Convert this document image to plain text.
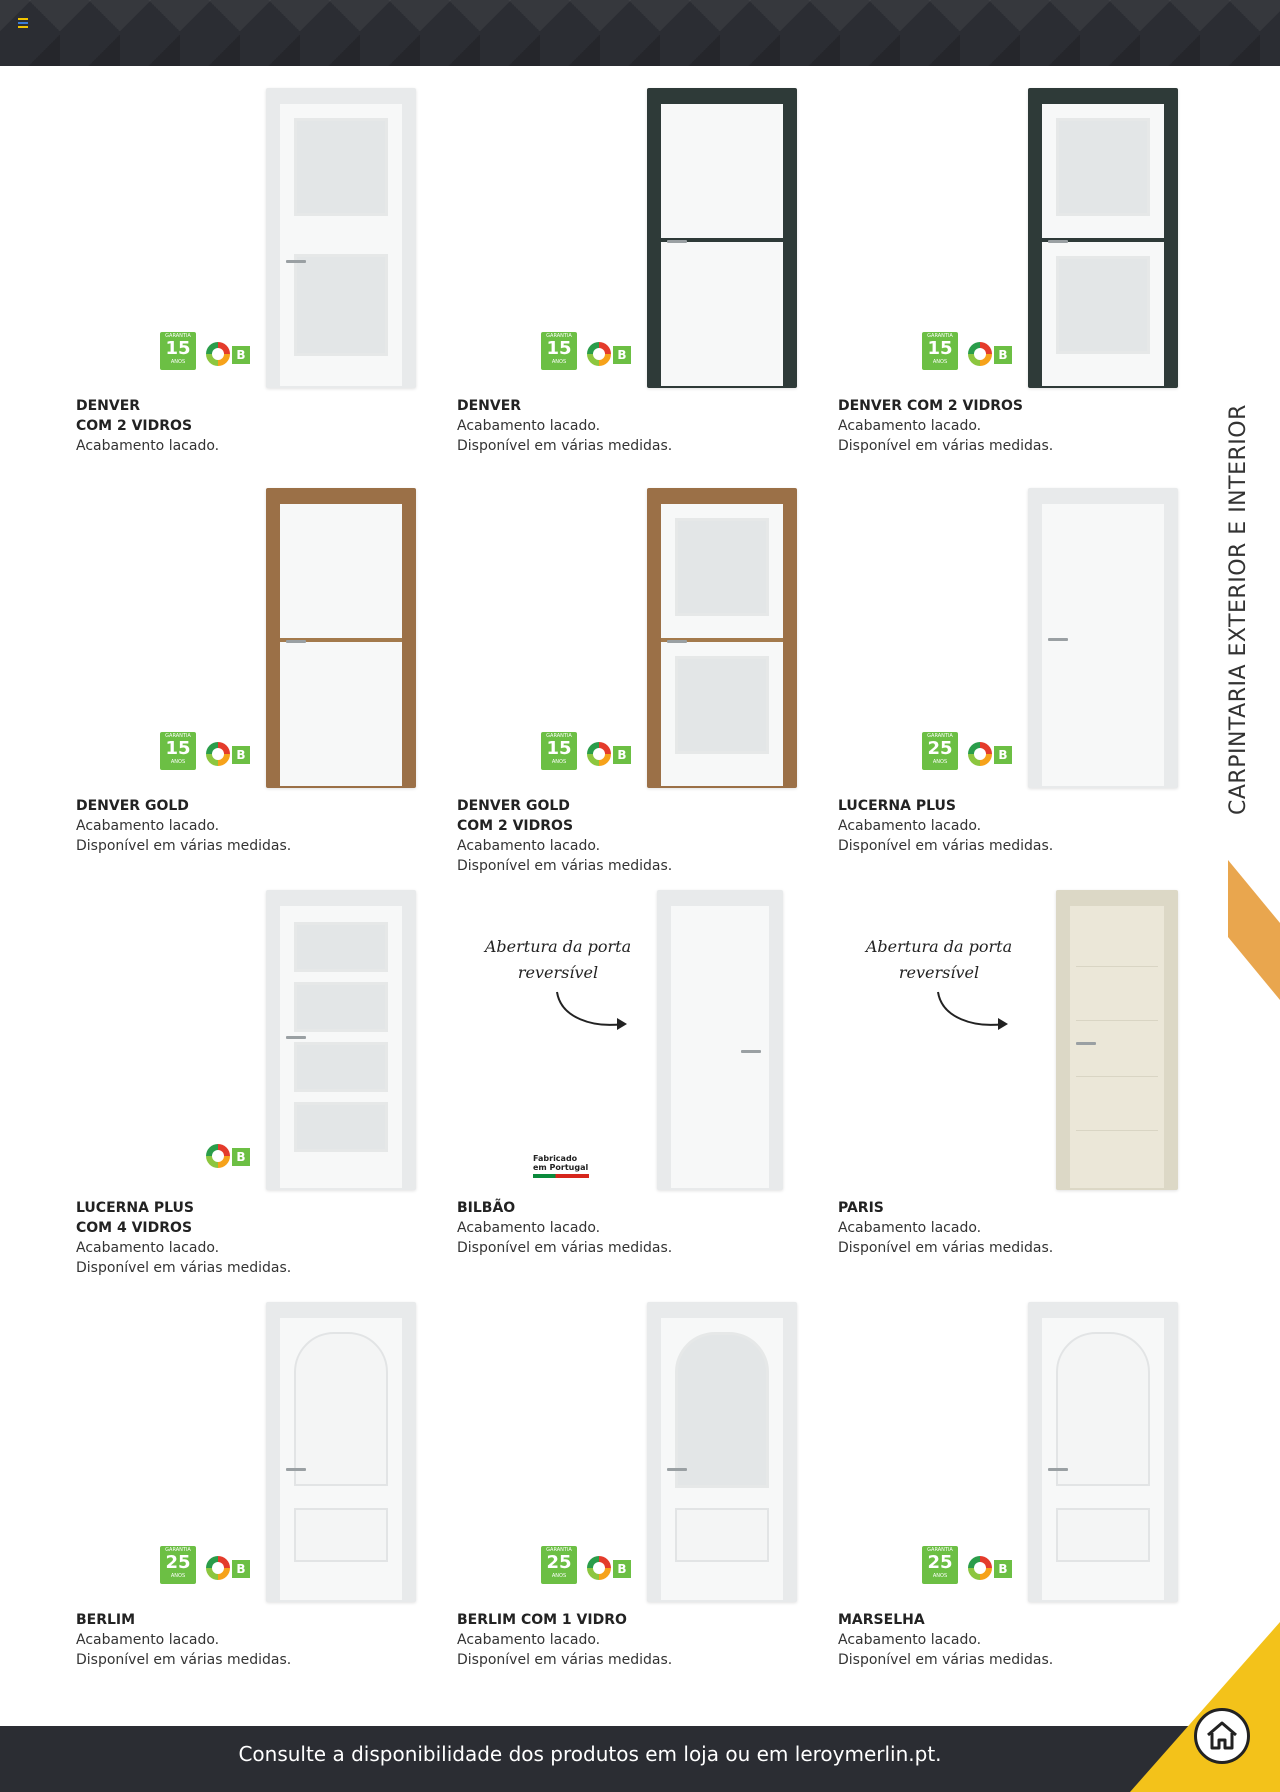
CARPINTARIA EXTERIOR E INTERIOR
GARANTIA
15
ANOS	B
DENVER
COM 2 VIDROS
Acabamento lacado.
GARANTIA
15
ANOS	B
DENVER
Acabamento lacado.
Disponível em várias medidas.
GARANTIA
15
ANOS	B
DENVER COM 2 VIDROS
Acabamento lacado.
Disponível em várias medidas.
GARANTIA
15
ANOS	B
DENVER GOLD
Acabamento lacado.
Disponível em várias medidas.
GARANTIA
15
ANOS	B
DENVER GOLD
COM 2 VIDROS
Acabamento lacado.
Disponível em várias medidas.
GARANTIA
25
ANOS	B
LUCERNA PLUS
Acabamento lacado.
Disponível em várias medidas.
B
LUCERNA PLUS
COM 4 VIDROS
Acabamento lacado.
Disponível em várias medidas.
Abertura da porta reversível
Fabricado em Portugal
BILBÃO
Acabamento lacado.
Disponível em várias medidas.
Abertura da porta reversível
PARIS
Acabamento lacado.
Disponível em várias medidas.
GARANTIA
25
ANOS	B
BERLIM
Acabamento lacado.
Disponível em várias medidas.
GARANTIA
25
ANOS	B
BERLIM COM 1 VIDRO
Acabamento lacado.
Disponível em várias medidas.
GARANTIA
25
ANOS	B
MARSELHA
Acabamento lacado.
Disponível em várias medidas.
Consulte a disponibilidade dos produtos em loja ou em leroymerlin.pt.
